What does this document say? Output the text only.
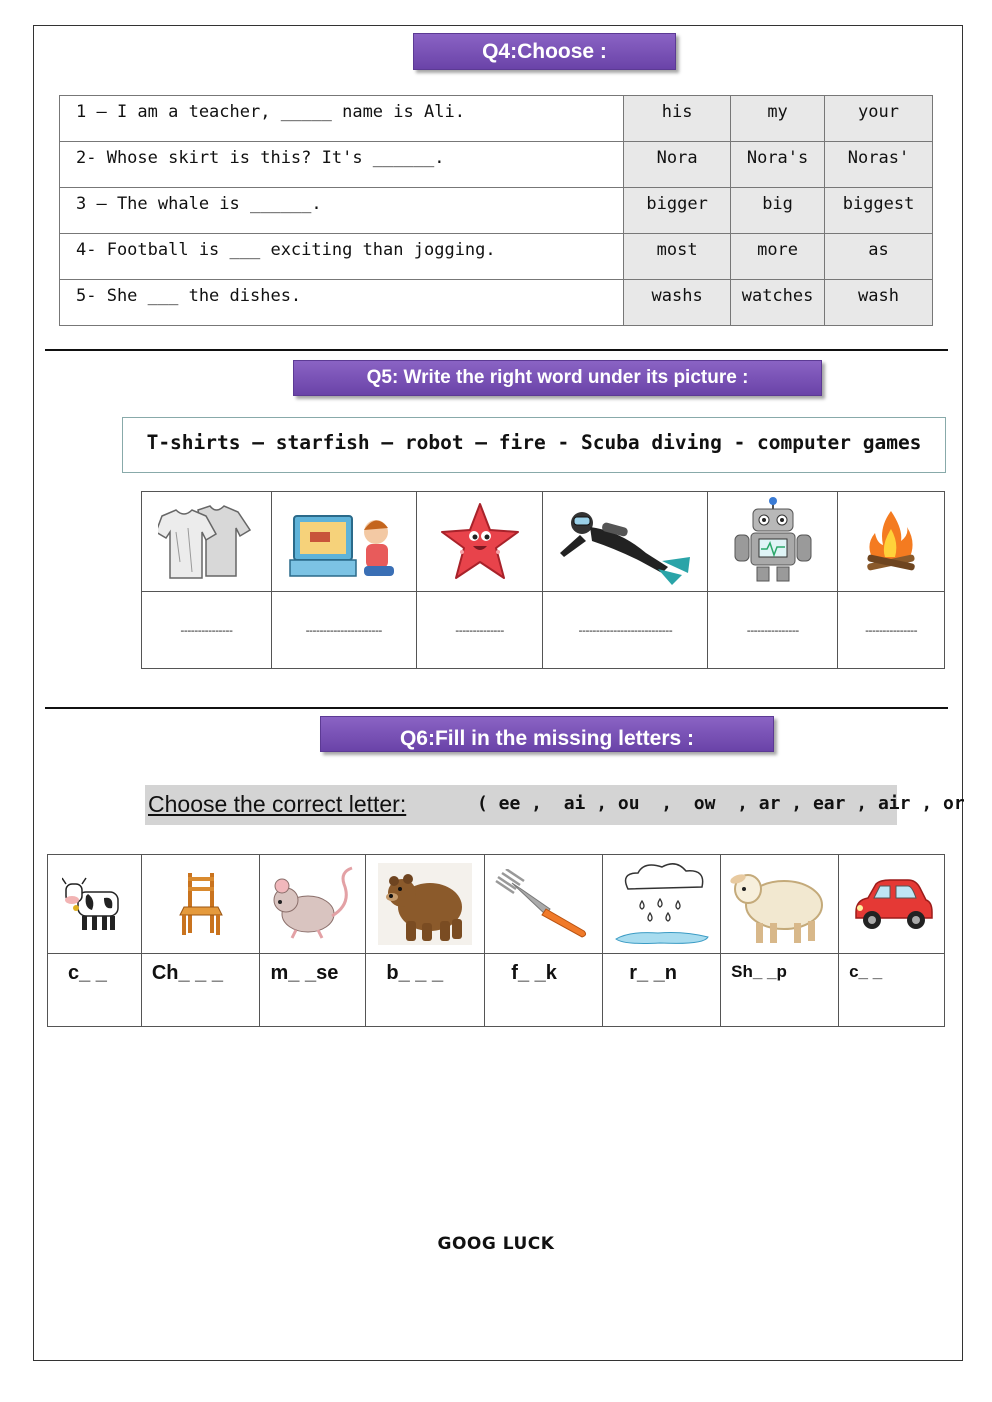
Q4:Choose :
1 – I am a teacher, _____ name is Ali.	his	my	your
2- Whose skirt is this? It's ______.	Nora	Nora's	Noras'
3 – The whale is ______.	bigger	big	biggest
4- Football is ___ exciting than jogging.	most	more	as
5- She ___ the dishes.	washs	watches	wash
Q5: Write the right word under its picture :
T-shirts – starfish – robot – fire - Scuba diving - computer games

---------------	----------------------	--------------	---------------------------	---------------	---------------
Q6:Fill in the missing letters :
Choose the correct letter:	( ee ,  ai , ou  ,  ow  , ar , ear , air , or

c_ _	Ch_ _ _	m_ _se	b_ _ _	f_ _k	r_ _n	Sh_ _p	c_ _
GOOG LUCK
